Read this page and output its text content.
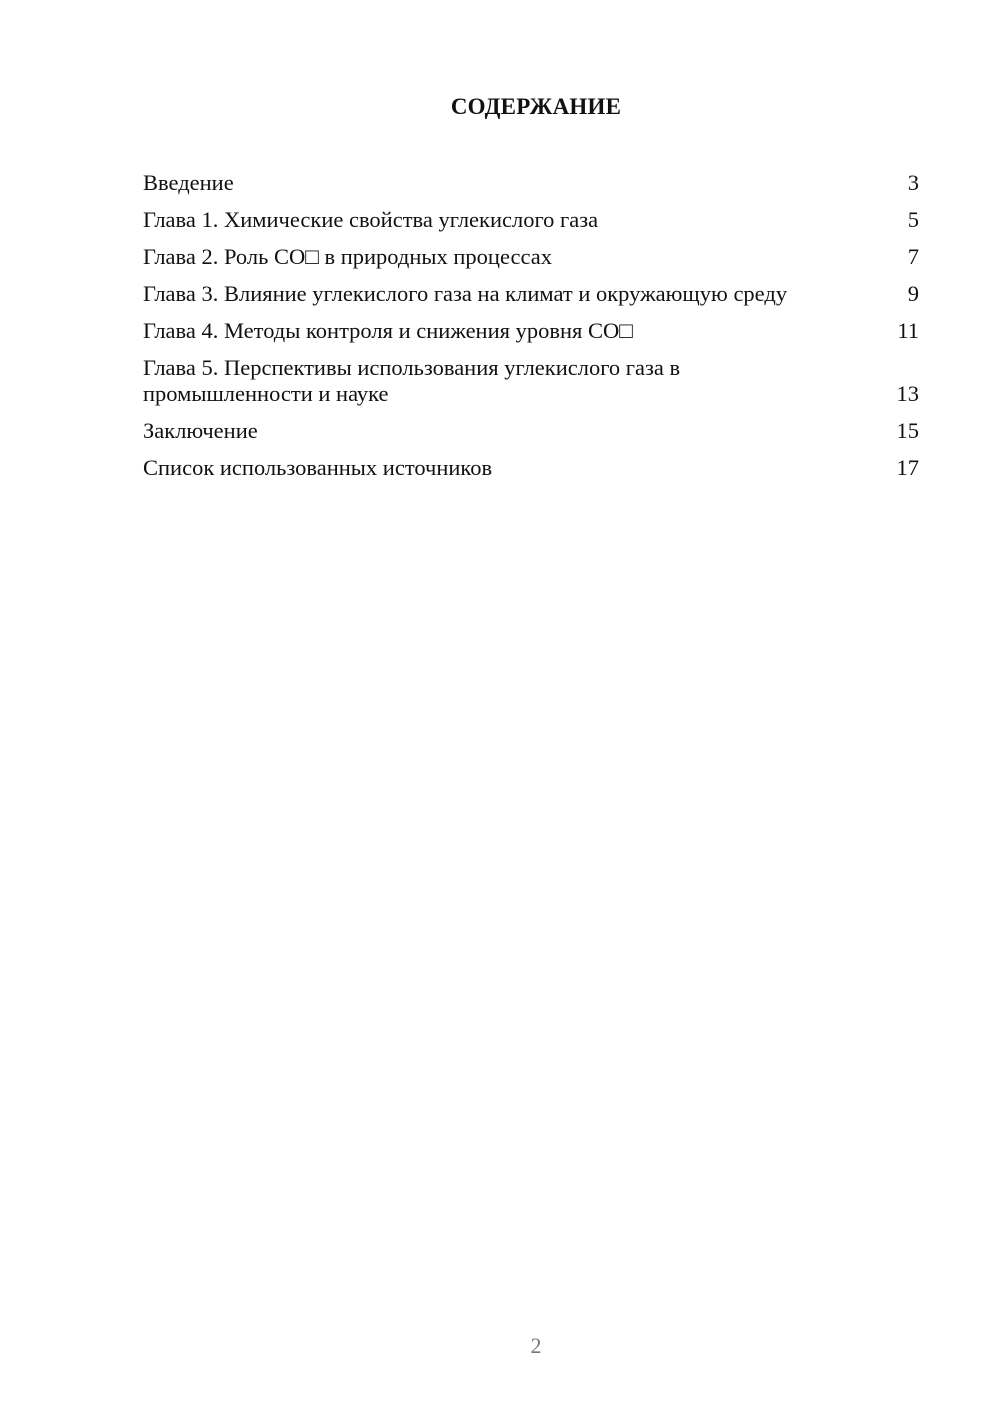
СОДЕРЖАНИЕ
Введение	3
Глава 1. Химические свойства углекислого газа	5
Глава 2. Роль CO□ в природных процессах	7
Глава 3. Влияние углекислого газа на климат и окружающую среду	9
Глава 4. Методы контроля и снижения уровня CO□	11
Глава 5. Перспективы использования углекислого газа в промышленности и науке	13
Заключение	15
Список использованных источников	17
2
